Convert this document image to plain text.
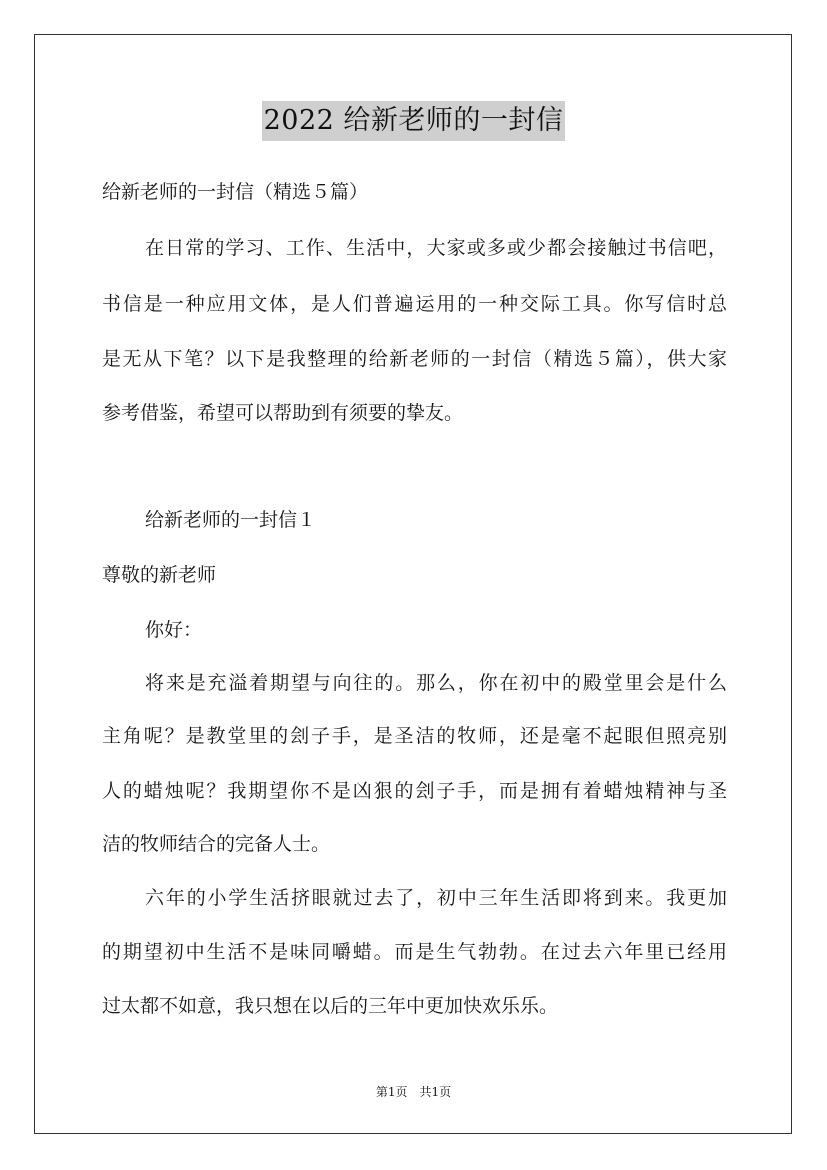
2022 给新老师的一封信
给新老师的一封信（精选５篇）
在日常的学习、工作、生活中，大家或多或少都会接触过书信吧，
书信是一种应用文体，是人们普遍运用的一种交际工具。你写信时总
是无从下笔？以下是我整理的给新老师的一封信（精选５篇），供大家
参考借鉴，希望可以帮助到有须要的挚友。
给新老师的一封信１
尊敬的新老师
你好：
将来是充溢着期望与向往的。那么，你在初中的殿堂里会是什么
主角呢？是教堂里的刽子手，是圣洁的牧师，还是毫不起眼但照亮别
人的蜡烛呢？我期望你不是凶狠的刽子手，而是拥有着蜡烛精神与圣
洁的牧师结合的完备人士。
六年的小学生活挤眼就过去了，初中三年生活即将到来。我更加
的期望初中生活不是味同嚼蜡。而是生气勃勃。在过去六年里已经用
过太都不如意，我只想在以后的三年中更加快欢乐乐。
第1页　共1页
